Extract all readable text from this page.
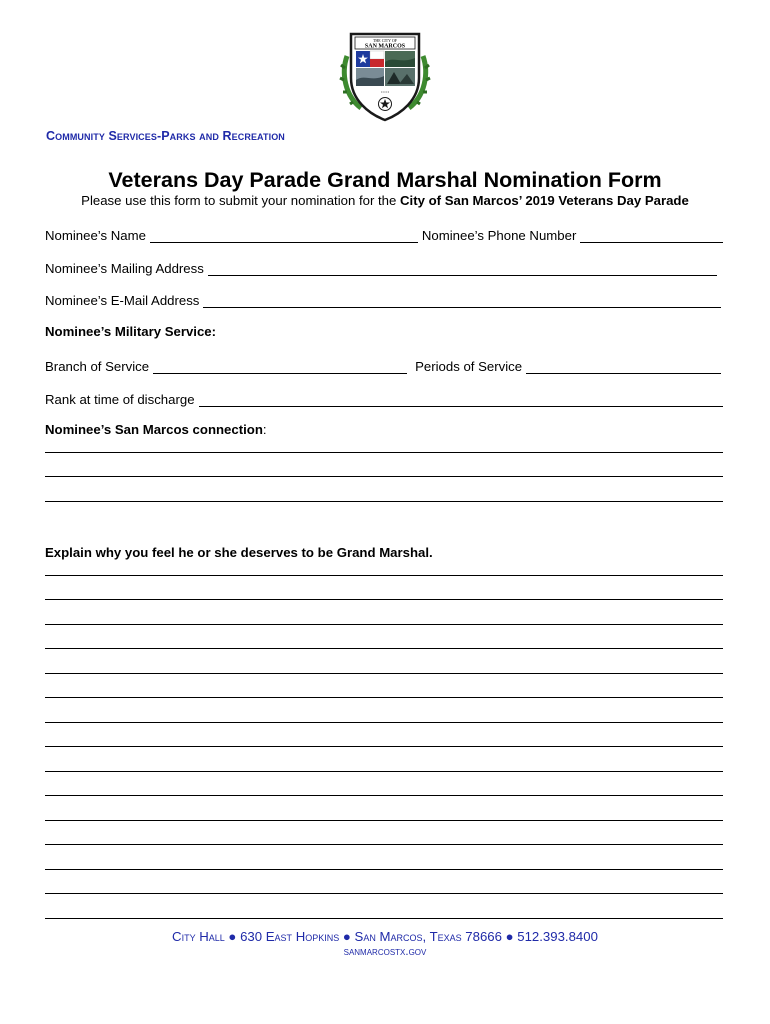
THE CITY OF
SAN MARCOS
• • • •
Community Services-Parks and Recreation
Veterans Day Parade Grand Marshal Nomination Form
Please use this form to submit your nomination for the City of San Marcos’ 2019 Veterans Day Parade
Nominee’s Name	Nominee’s Phone Number
Nominee’s Mailing Address
Nominee’s E-Mail Address
Nominee’s Military Service:
Branch of Service	Periods of Service
Rank at time of discharge
Nominee’s San Marcos connection:
Explain why you feel he or she deserves to be Grand Marshal.
City Hall ● 630 East Hopkins ● San Marcos, Texas 78666 ● 512.393.8400
sanmarcostx.gov
